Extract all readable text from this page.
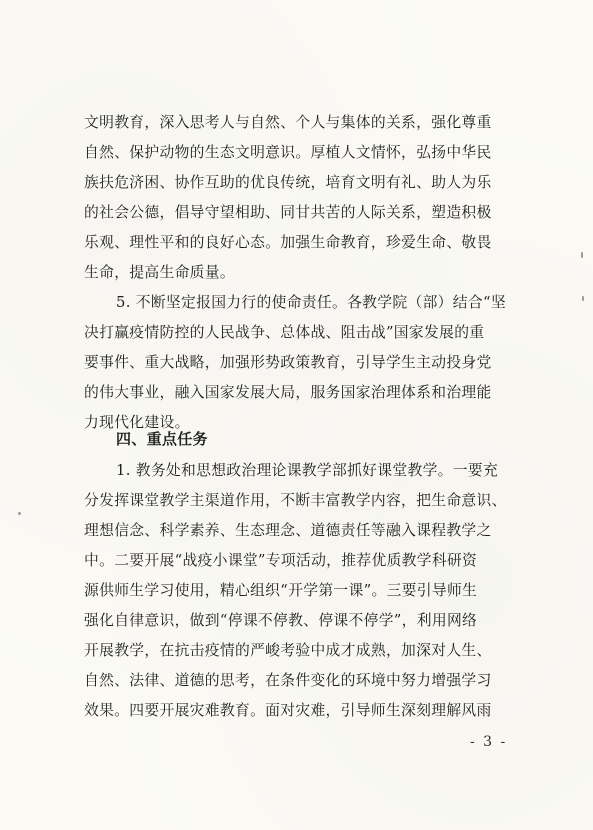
文明教育，深入思考人与自然、个人与集体的关系，强化尊重
自然、保护动物的生态文明意识。厚植人文情怀，弘扬中华民
族扶危济困、协作互助的优良传统，培育文明有礼、助人为乐
的社会公德，倡导守望相助、同甘共苦的人际关系，塑造积极
乐观、理性平和的良好心态。加强生命教育，珍爱生命、敬畏
生命，提高生命质量。
5. 不断坚定报国力行的使命责任。各教学院（部）结合“坚
决打赢疫情防控的人民战争、总体战、阻击战”国家发展的重
要事件、重大战略，加强形势政策教育，引导学生主动投身党
的伟大事业，融入国家发展大局，服务国家治理体系和治理能
力现代化建设。
四、重点任务
1. 教务处和思想政治理论课教学部抓好课堂教学。一要充
分发挥课堂教学主渠道作用，不断丰富教学内容，把生命意识、
理想信念、科学素养、生态理念、道德责任等融入课程教学之
中。二要开展“战疫小课堂”专项活动，推荐优质教学科研资
源供师生学习使用，精心组织“开学第一课”。三要引导师生
强化自律意识，做到“停课不停教、停课不停学”，利用网络
开展教学，在抗击疫情的严峻考验中成才成熟，加深对人生、
自然、法律、道德的思考，在条件变化的环境中努力增强学习
效果。四要开展灾难教育。面对灾难，引导师生深刻理解风雨
- 3 -
